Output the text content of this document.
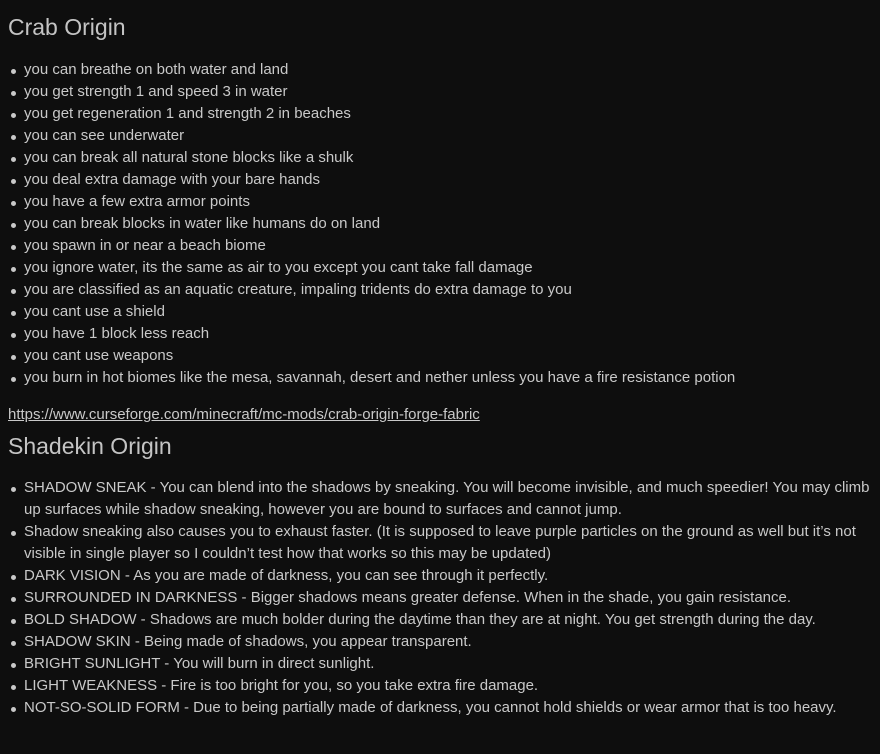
Crab Origin
you can breathe on both water and land
you get strength 1 and speed 3 in water
you get regeneration 1 and strength 2 in beaches
you can see underwater
you can break all natural stone blocks like a shulk
you deal extra damage with your bare hands
you have a few extra armor points
you can break blocks in water like humans do on land
you spawn in or near a beach biome
you ignore water, its the same as air to you except you cant take fall damage
you are classified as an aquatic creature, impaling tridents do extra damage to you
you cant use a shield
you have 1 block less reach
you cant use weapons
you burn in hot biomes like the mesa, savannah, desert and nether unless you have a fire resistance potion
https://www.curseforge.com/minecraft/mc-mods/crab-origin-forge-fabric
Shadekin Origin
SHADOW SNEAK - You can blend into the shadows by sneaking. You will become invisible, and much speedier! You may climb up surfaces while shadow sneaking, however you are bound to surfaces and cannot jump.
Shadow sneaking also causes you to exhaust faster. (It is supposed to leave purple particles on the ground as well but it’s not visible in single player so I couldn’t test how that works so this may be updated)
DARK VISION - As you are made of darkness, you can see through it perfectly.
SURROUNDED IN DARKNESS - Bigger shadows means greater defense. When in the shade, you gain resistance.
BOLD SHADOW - Shadows are much bolder during the daytime than they are at night. You get strength during the day.
SHADOW SKIN - Being made of shadows, you appear transparent.
BRIGHT SUNLIGHT - You will burn in direct sunlight.
LIGHT WEAKNESS - Fire is too bright for you, so you take extra fire damage.
NOT-SO-SOLID FORM - Due to being partially made of darkness, you cannot hold shields or wear armor that is too heavy.
